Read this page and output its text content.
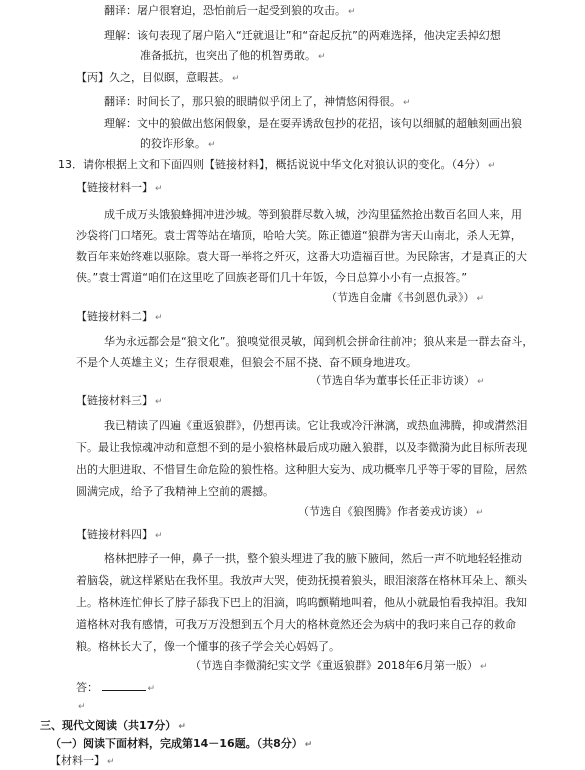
翻译：屠户很窘迫，恐怕前后一起受到狼的攻击。 ↵
理解：该句表现了屠户陷入“迁就退让”和“奋起反抗”的两难选择，他决定丢掉幻想
准备抵抗，也突出了他的机智勇敢。 ↵
【丙】久之，目似瞑，意暇甚。 ↵
翻译：时间长了，那只狼的眼睛似乎闭上了，神情悠闲得很。 ↵
理解：文中的狼做出悠闲假象，是在耍弄诱敌包抄的花招，该句以细腻的超触刻画出狼
的狡诈形象。 ↵
13．请你根据上文和下面四则【链接材料】，概括说说中华文化对狼认识的变化。（4分） ↵
【链接材料一】 ↵
成千成万头饿狼蜂拥冲进沙城。等到狼群尽数入城，沙沟里猛然抢出数百名回人来，用
沙袋将门口堵死。袁士霄等站在墙顶，哈哈大笑。陈正德道“狼群为害天山南北，杀人无算，
数百年来始终难以驱除。袁大哥一举将之歼灭，这番大功造福百世。为民除害，才是真正的大
侠。”袁士霄道“咱们在这里吃了回族老哥们几十年饭，今日总算小小有一点报答。”
（节选自金庸《书剑恩仇录》） ↵
【链接材料二】 ↵
华为永远都会是“狼文化”。狼嗅觉很灵敏，闻到机会拼命往前冲；狼从来是一群去奋斗，
不是个人英雄主义；生存很艰难，但狼会不屈不挠、奋不顾身地进攻。
（节选自华为董事长任正非访谈） ↵
【链接材料三】 ↵
我已精读了四遍《重返狼群》，仍想再读。它让我或冷汗淋漓，或热血沸腾，抑或潸然泪
下。最让我惊魂冲动和意想不到的是小狼格林最后成功融入狼群，以及李微漪为此目标所表现
出的大胆进取、不惜冒生命危险的狼性格。这种胆大妄为、成功概率几乎等于零的冒险，居然
圆满完成，给予了我精神上空前的震撼。
（节选自《狼图腾》作者姜戎访谈） ↵
【链接材料四】 ↵
格林把脖子一伸，鼻子一拱，整个狼头埋进了我的腋下腋间，然后一声不吭地轻轻推动
着脑袋，就这样紧贴在我怀里。我放声大哭，使劲抚摸着狼头，眼泪滚落在格林耳朵上、额头
上。格林连忙伸长了脖子舔我下巴上的泪滴，呜呜颤鞘地叫着，他从小就最怕看我掉泪。我知
道格林对我有感情，可我万万没想到五个月大的格林竟然还会为病中的我叼来自己存的救命
粮。格林长大了，像一个懂事的孩子学会关心妈妈了。
（节选自李微漪纪实文学《重返狼群》2018年6月第一版） ↵
答：	↵
↵
三、现代文阅读（共17分） ↵
（一）阅读下面材料，完成第14－16题。（共8分） ↵
【材料一】 ↵
